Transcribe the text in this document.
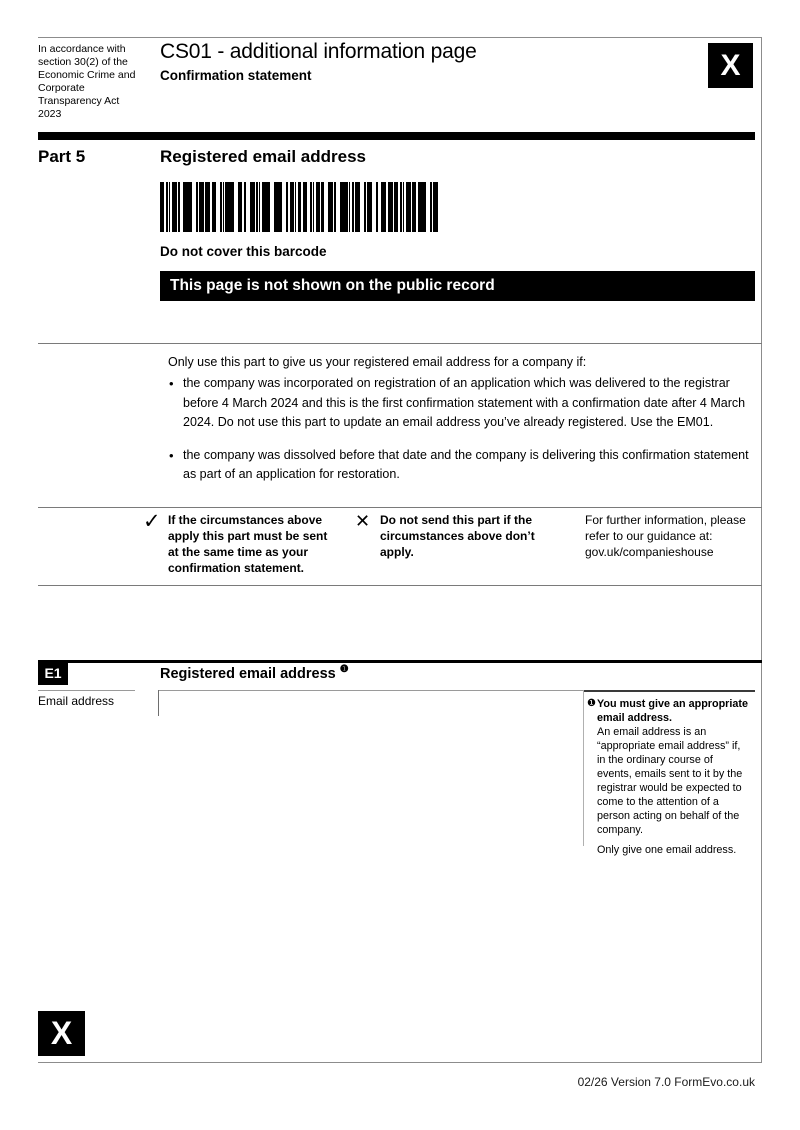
In accordance with section 30(2) of the Economic Crime and Corporate Transparency Act 2023
CS01 - additional information page
Confirmation statement	X
Part 5	Registered email address
Do not cover this barcode
This page is not shown on the public record
Only use this part to give us your registered email address for a company if:
• the company was incorporated on registration of an application which was delivered to the registrar before 4 March 2024 and this is the first confirmation statement with a confirmation date after 4 March 2024. Do not use this part to update an email address you’ve already registered. Use the EM01.
• the company was dissolved before that date and the company is delivering this confirmation statement as part of an application for restoration.
✓ If the circumstances above apply this part must be sent at the same time as your confirmation statement.
✕ Do not send this part if the circumstances above don’t apply.
For further information, please refer to our guidance at: gov.uk/companieshouse
E1	Registered email address $^❶$
Email address	❶ You must give an appropriate email address.
An email address is an “appropriate email address” if, in the ordinary course of events, emails sent to it by the registrar would be expected to come to the attention of a person acting on behalf of the company.
Only give one email address.
X
02/26 Version 7.0 FormEvo.co.uk
